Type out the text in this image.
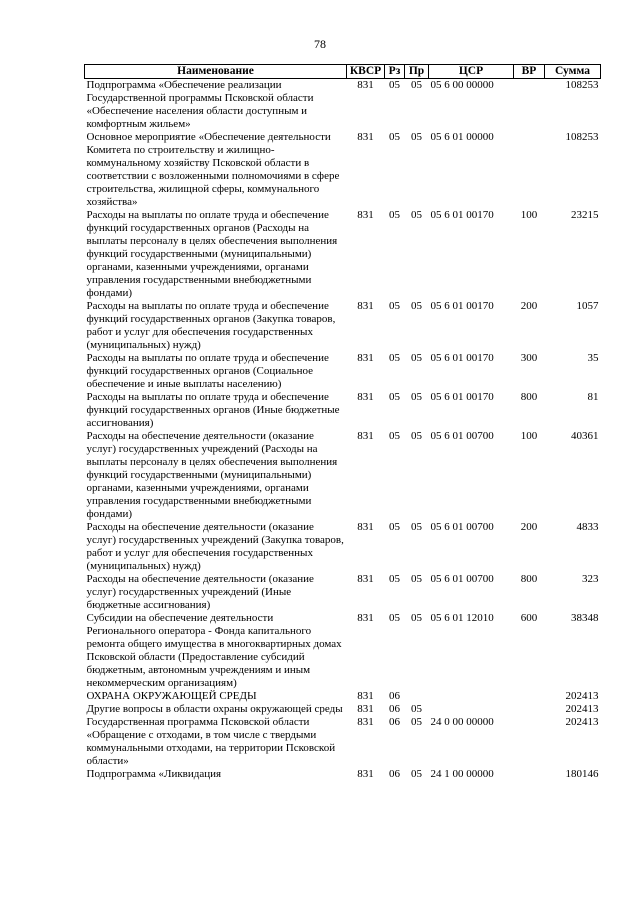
78
Наименование	КВСР	Рз	Пр	ЦСР	ВР	Сумма
Подпрограмма «Обеспечение реализации Государственной программы Псковской области «Обеспечение населения области доступным и комфортным жильем»	831	05	05	05 6 00 00000		108253
Основное мероприятие «Обеспечение деятельности Комитета по строительству и жилищно-коммунальному хозяйству Псковской области в соответствии с возложенными полномочиями в сфере строительства, жилищной сферы, коммунального хозяйства»	831	05	05	05 6 01 00000		108253
Расходы на выплаты по оплате труда и обеспечение функций государственных органов (Расходы на выплаты персоналу в целях обеспечения выполнения функций государственными (муниципальными) органами, казенными учреждениями, органами управления государственными внебюджетными фондами)	831	05	05	05 6 01 00170	100	23215
Расходы на выплаты по оплате труда и обеспечение функций государственных органов (Закупка товаров, работ и услуг для обеспечения государственных (муниципальных) нужд)	831	05	05	05 6 01 00170	200	1057
Расходы на выплаты по оплате труда и обеспечение функций государственных органов (Социальное обеспечение и иные выплаты населению)	831	05	05	05 6 01 00170	300	35
Расходы на выплаты по оплате труда и обеспечение функций государственных органов (Иные бюджетные ассигнования)	831	05	05	05 6 01 00170	800	81
Расходы на обеспечение деятельности (оказание услуг) государственных учреждений (Расходы на выплаты персоналу в целях обеспечения выполнения функций государственными (муниципальными) органами, казенными учреждениями, органами управления государственными внебюджетными фондами)	831	05	05	05 6 01 00700	100	40361
Расходы на обеспечение деятельности (оказание услуг) государственных учреждений (Закупка товаров, работ и услуг для обеспечения государственных (муниципальных) нужд)	831	05	05	05 6 01 00700	200	4833
Расходы на обеспечение деятельности (оказание услуг) государственных учреждений (Иные бюджетные ассигнования)	831	05	05	05 6 01 00700	800	323
Субсидии на обеспечение деятельности Регионального оператора - Фонда капитального ремонта общего имущества в многоквартирных домах Псковской области (Предоставление субсидий бюджетным, автономным учреждениям и иным некоммерческим организациям)	831	05	05	05 6 01 12010	600	38348
ОХРАНА ОКРУЖАЮЩЕЙ СРЕДЫ	831	06				202413
Другие вопросы в области охраны окружающей среды	831	06	05			202413
Государственная программа Псковской области «Обращение с отходами, в том числе с твердыми коммунальными отходами, на территории Псковской области»	831	06	05	24 0 00 00000		202413
Подпрограмма «Ликвидация	831	06	05	24 1 00 00000		180146
